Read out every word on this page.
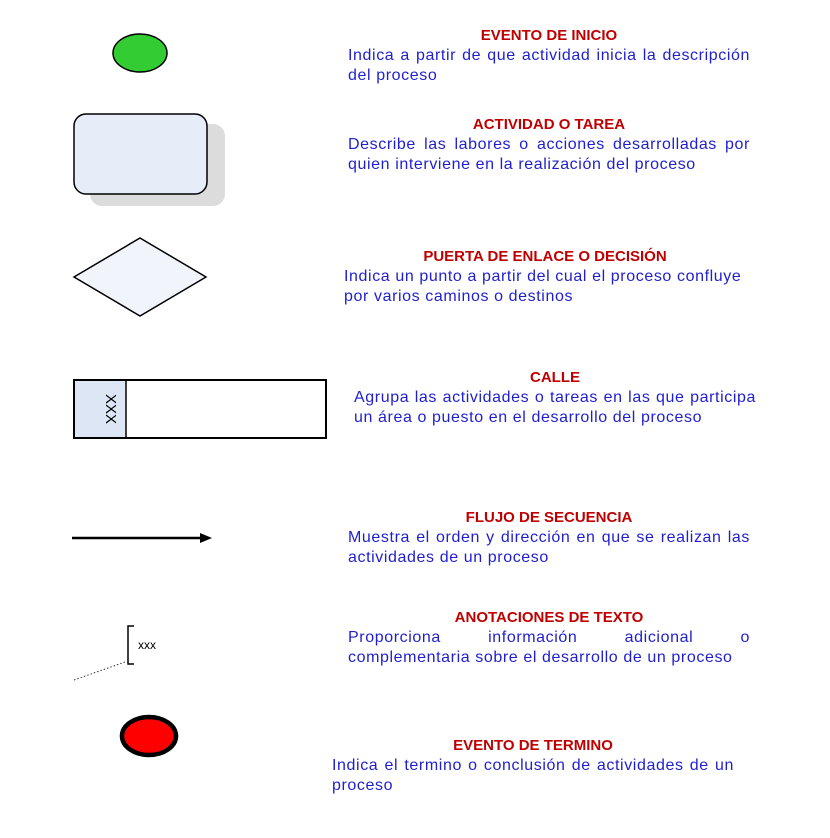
XXX
xxx
EVENTO DE INICIO
Indica a partir de que actividad inicia la descripción del proceso
ACTIVIDAD O TAREA
Describe las labores o acciones desarrolladas por quien interviene en la realización del proceso
PUERTA DE ENLACE O DECISIÓN
Indica un punto a partir del cual el proceso confluye por varios caminos o destinos
CALLE
Agrupa las actividades o tareas en las que participa un área o puesto en el desarrollo del proceso
FLUJO DE SECUENCIA
Muestra el orden y dirección en que se realizan las actividades de un proceso
ANOTACIONES DE TEXTO
Proporciona información adicional o complementaria sobre el desarrollo de un proceso
EVENTO DE TERMINO
Indica el termino o conclusión de actividades de un proceso
